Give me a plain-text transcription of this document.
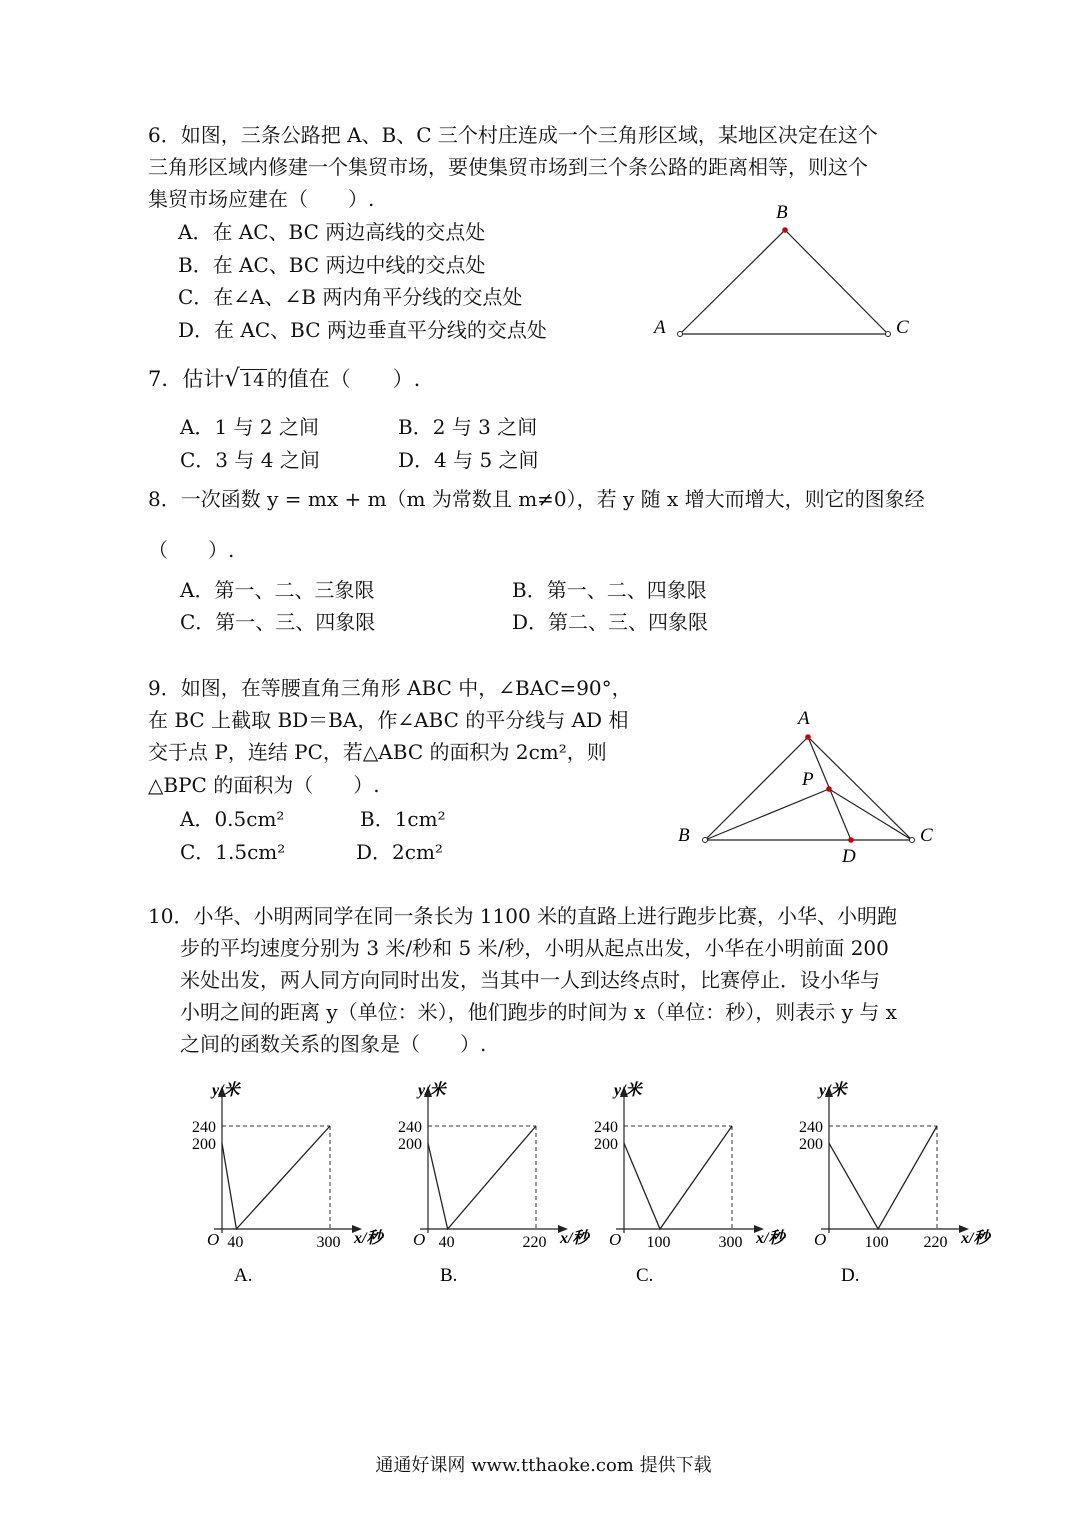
6．如图，三条公路把 A、B、C 三个村庄连成一个三角形区域，某地区决定在这个
三角形区域内修建一个集贸市场，要使集贸市场到三个条公路的距离相等，则这个
集贸市场应建在（　　）.
A．在 AC、BC 两边高线的交点处
B．在 AC、BC 两边中线的交点处
C．在∠A、∠B 两内角平分线的交点处
D．在 AC、BC 两边垂直平分线的交点处
B
A	C
7．估计√ 14的值在（　　）.
A．1 与 2 之间	B．2 与 3 之间
C．3 与 4 之间	D．4 与 5 之间
8．一次函数 y = mx + m（m 为常数且 m≠0），若 y 随 x 增大而增大，则它的图象经
（　　）.
A．第一、二、三象限	B．第一、二、四象限
C．第一、三、四象限	D．第二、三、四象限
9．如图，在等腰直角三角形 ABC 中，∠BAC=90°，
在 BC 上截取 BD＝BA，作∠ABC 的平分线与 AD 相
交于点 P，连结 PC，若△ABC 的面积为 2cm²，则
△BPC 的面积为（　　）.
A．0.5cm²	B．1cm²
C．1.5cm²	D．2cm²
A
P
B	C
D
10．小华、小明两同学在同一条长为 1100 米的直路上进行跑步比赛，小华、小明跑
步的平均速度分别为 3 米/秒和 5 米/秒，小明从起点出发，小华在小明前面 200
米处出发，两人同方向同时出发，当其中一人到达终点时，比赛停止．设小华与
小明之间的距离 y（单位：米），他们跑步的时间为 x（单位：秒），则表示 y 与 x
之间的函数关系的图象是（　　）.
200
240
40	300
O
y/米
x/秒
A.
200
240
40	220
O
y/米
x/秒
B.
200
240
100	300
O
y/米
x/秒
C.
200
240
100 220
O
y/米
x/秒
D.
通通好课网 www.tthaoke.com 提供下载
